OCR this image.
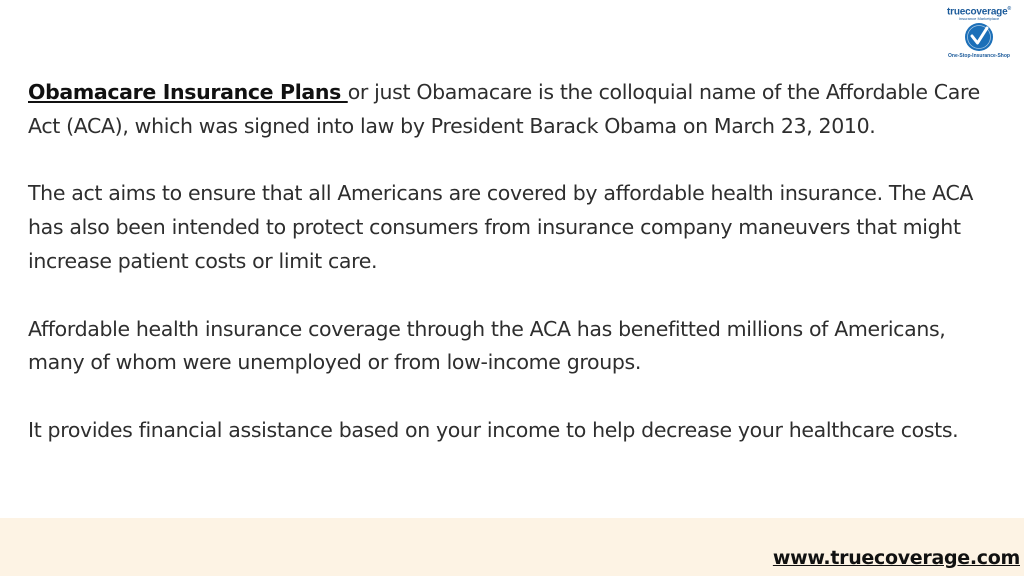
truecoverage®
Insurance Marketplace
One-Stop-Insurance-Shop

Obamacare Insurance Plans or just Obamacare is the colloquial name of the Affordable Care Act (ACA), which was signed into law by President Barack Obama on March 23, 2010.

The act aims to ensure that all Americans are covered by affordable health insurance. The ACA has also been intended to protect consumers from insurance company maneuvers that might increase patient costs or limit care.

Affordable health insurance coverage through the ACA has benefitted millions of Americans, many of whom were unemployed or from low-income groups.

It provides financial assistance based on your income to help decrease your healthcare costs.

www.truecoverage.com
